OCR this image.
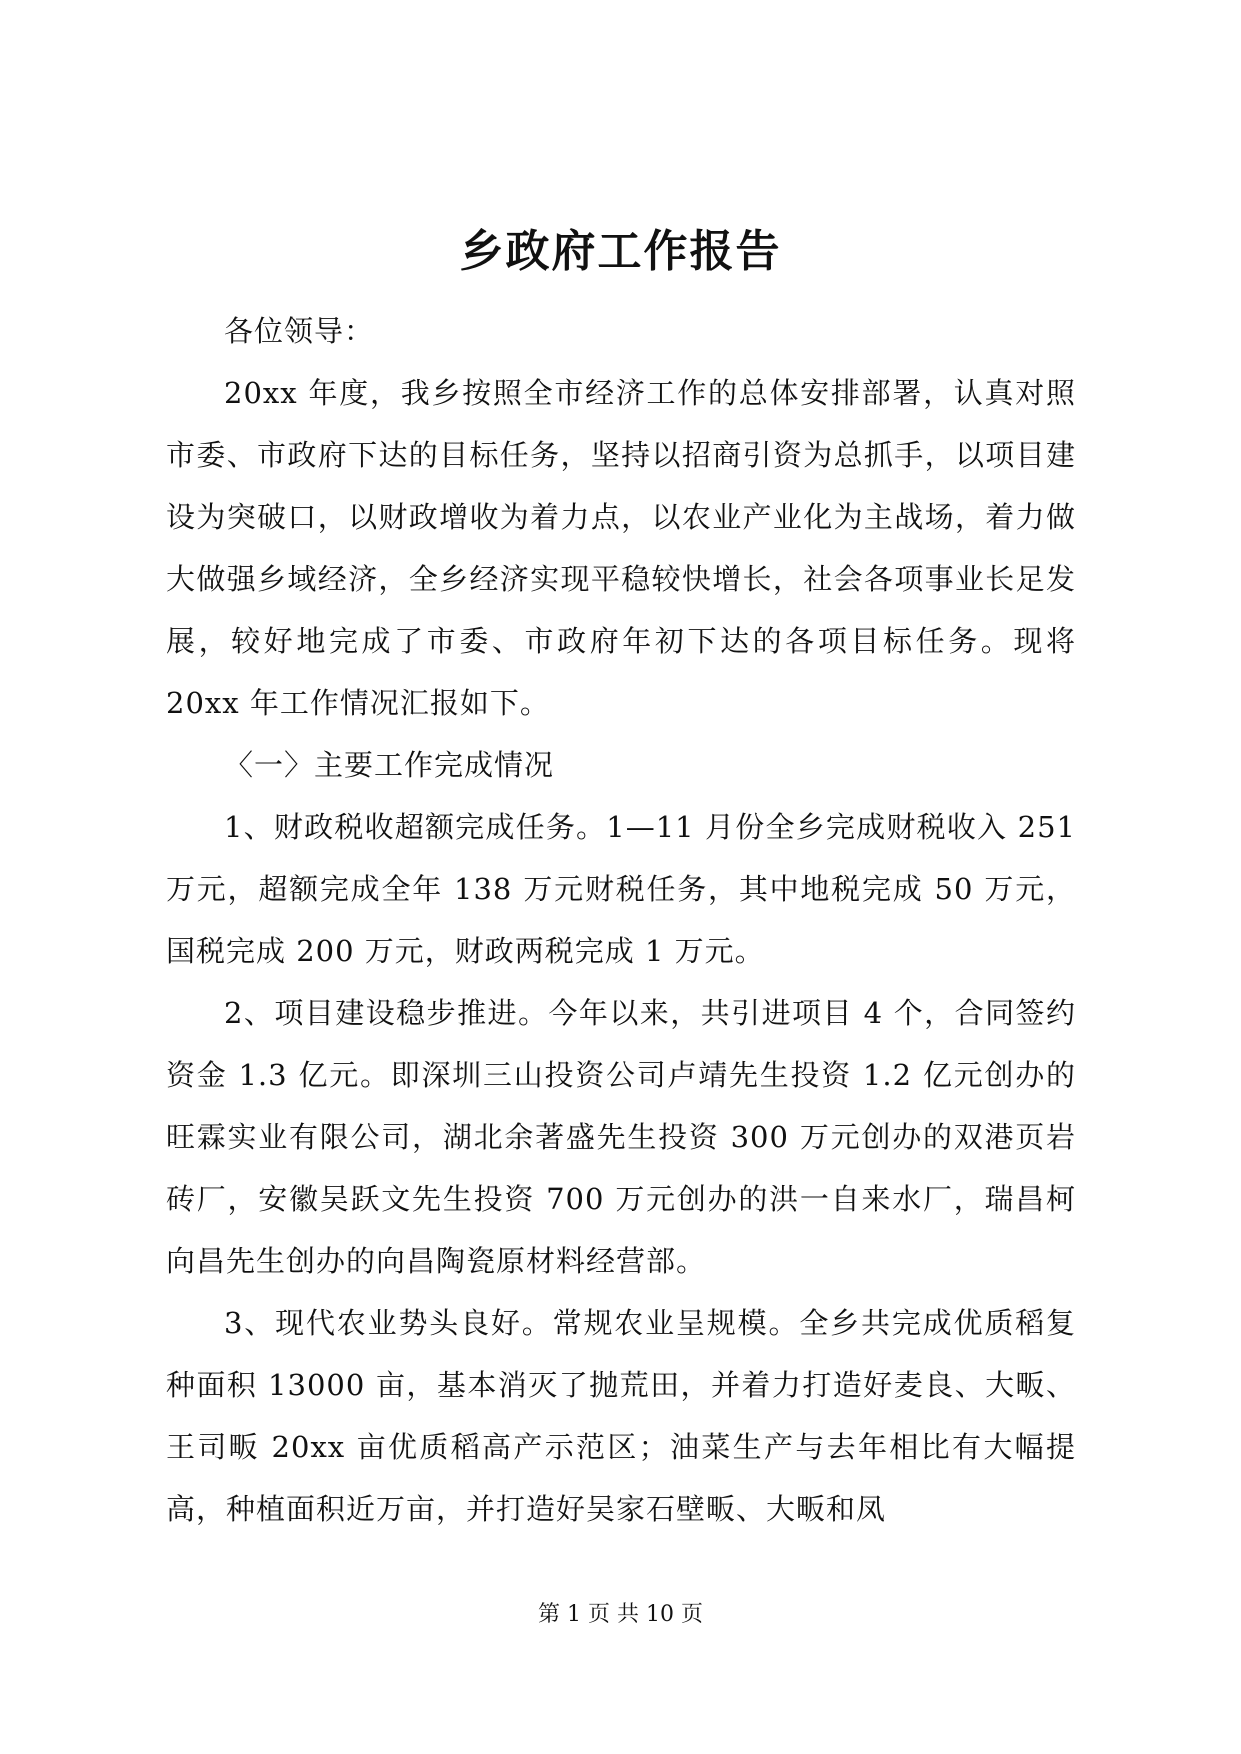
乡政府工作报告

各位领导：

20xx 年度，我乡按照全市经济工作的总体安排部署，认真对照市委、市政府下达的目标任务，坚持以招商引资为总抓手，以项目建设为突破口，以财政增收为着力点，以农业产业化为主战场，着力做大做强乡域经济，全乡经济实现平稳较快增长，社会各项事业长足发展，较好地完成了市委、市政府年初下达的各项目标任务。现将 20xx 年工作情况汇报如下。

〈一〉主要工作完成情况

1、财政税收超额完成任务。1—11 月份全乡完成财税收入 251 万元，超额完成全年 138 万元财税任务，其中地税完成 50 万元，国税完成 200 万元，财政两税完成 1 万元。

2、项目建设稳步推进。今年以来，共引进项目 4 个，合同签约资金 1.3 亿元。即深圳三山投资公司卢靖先生投资 1.2 亿元创办的旺霖实业有限公司，湖北余著盛先生投资 300 万元创办的双港页岩砖厂，安徽吴跃文先生投资 700 万元创办的洪一自来水厂，瑞昌柯向昌先生创办的向昌陶瓷原材料经营部。

3、现代农业势头良好。常规农业呈规模。全乡共完成优质稻复种面积 13000 亩，基本消灭了抛荒田，并着力打造好麦良、大畈、王司畈 20xx 亩优质稻高产示范区；油菜生产与去年相比有大幅提高，种植面积近万亩，并打造好吴家石壁畈、大畈和凤

第 1 页 共 10 页
